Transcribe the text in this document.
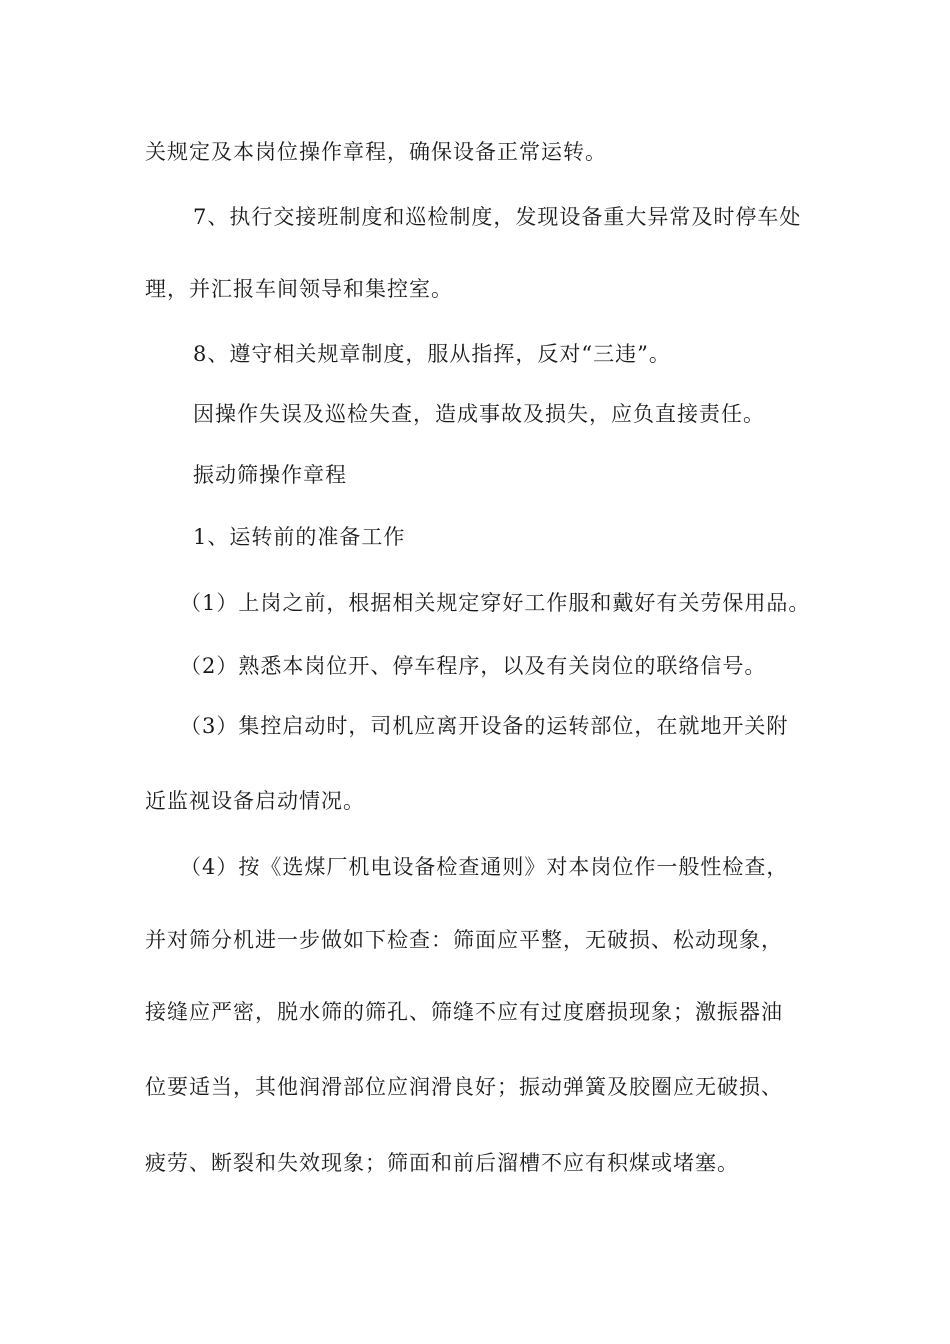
关规定及本岗位操作章程，确保设备正常运转。
7、执行交接班制度和巡检制度，发现设备重大异常及时停车处
理，并汇报车间领导和集控室。
8、遵守相关规章制度，服从指挥，反对“三违”。
因操作失误及巡检失查，造成事故及损失，应负直接责任。
振动筛操作章程
1、运转前的准备工作
（1）上岗之前，根据相关规定穿好工作服和戴好有关劳保用品。
（2）熟悉本岗位开、停车程序，以及有关岗位的联络信号。
（3）集控启动时，司机应离开设备的运转部位，在就地开关附
近监视设备启动情况。
（4）按《选煤厂机电设备检查通则》对本岗位作一般性检查，
并对筛分机进一步做如下检查：筛面应平整，无破损、松动现象，
接缝应严密，脱水筛的筛孔、筛缝不应有过度磨损现象；激振器油
位要适当，其他润滑部位应润滑良好；振动弹簧及胶圈应无破损、
疲劳、断裂和失效现象；筛面和前后溜槽不应有积煤或堵塞。
